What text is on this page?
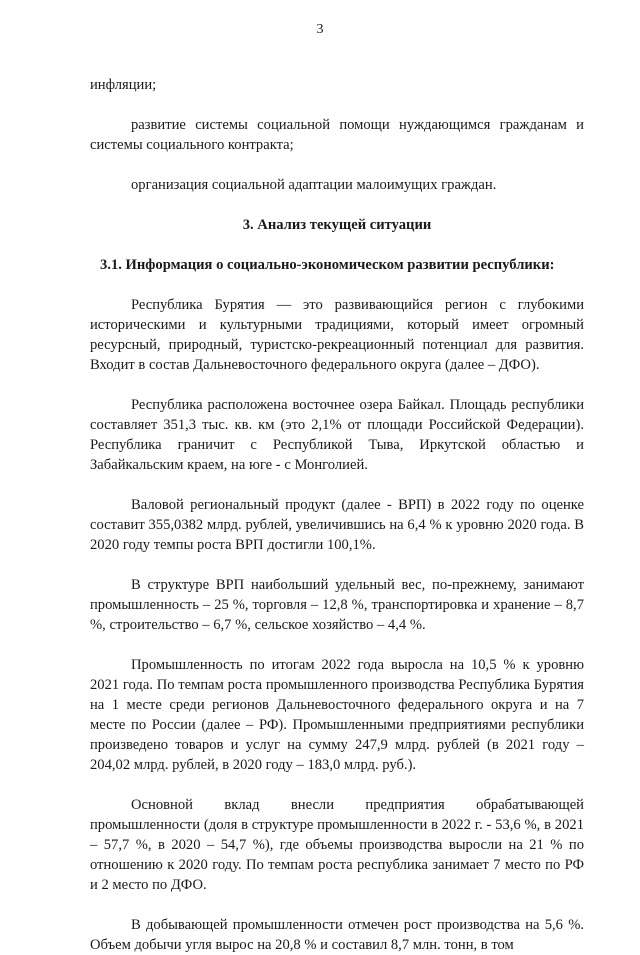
3

инфляции;

развитие системы социальной помощи нуждающимся гражданам и системы социального контракта;

организация социальной адаптации малоимущих граждан.

3. Анализ текущей ситуации

3.1. Информация о социально-экономическом развитии республики:

Республика Бурятия — это развивающийся регион с глубокими историческими и культурными традициями, который имеет огромный ресурсный, природный, туристско-рекреационный потенциал для развития. Входит в состав Дальневосточного федерального округа (далее – ДФО).

Республика расположена восточнее озера Байкал. Площадь республики составляет 351,3 тыс. кв. км (это 2,1% от площади Российской Федерации). Республика граничит с Республикой Тыва, Иркутской областью и Забайкальским краем, на юге - с Монголией.

Валовой региональный продукт (далее - ВРП) в 2022 году по оценке составит 355,0382 млрд. рублей, увеличившись на 6,4 % к уровню 2020 года. В 2020 году темпы роста ВРП достигли 100,1%.

В структуре ВРП наибольший удельный вес, по-прежнему, занимают промышленность – 25 %, торговля – 12,8 %, транспортировка и хранение – 8,7 %, строительство – 6,7 %, сельское хозяйство – 4,4 %.

Промышленность по итогам 2022 года выросла на 10,5 % к уровню 2021 года. По темпам роста промышленного производства Республика Бурятия на 1 месте среди регионов Дальневосточного федерального округа и на 7 месте по России (далее – РФ). Промышленными предприятиями республики произведено товаров и услуг на сумму 247,9 млрд. рублей (в 2021 году – 204,02 млрд. рублей, в 2020 году – 183,0 млрд. руб.).

Основной вклад внесли предприятия обрабатывающей промышленности (доля в структуре промышленности в 2022 г. - 53,6 %, в 2021 – 57,7 %, в 2020 – 54,7 %), где объемы производства выросли на 21 % по отношению к 2020 году. По темпам роста республика занимает 7 место по РФ и 2 место по ДФО.

В добывающей промышленности отмечен рост производства на 5,6 %. Объем добычи угля вырос на 20,8 % и составил 8,7 млн. тонн, в том
